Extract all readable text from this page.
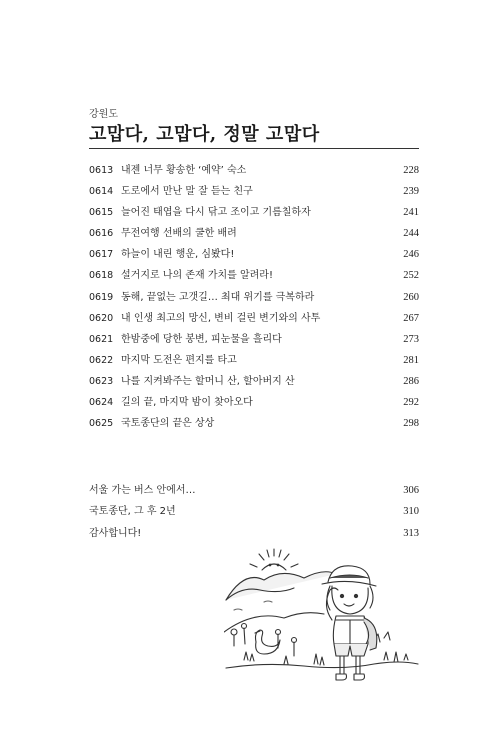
강원도
고맙다, 고맙다, 정말 고맙다
0613 내젠 너무 황송한 ‘예약’ 숙소	228
0614 도로에서 만난 말 잘 듣는 친구	239
0615 늘어진 태엽을 다시 닦고 조이고 기름칠하자	241
0616 무전여행 선배의 쿨한 배려	244
0617 하늘이 내린 행운, 심봤다!	246
0618 설거지로 나의 존재 가치를 알려라!	252
0619 동해, 끝없는 고갯길… 최대 위기를 극복하라	260
0620 내 인생 최고의 망신, 변비 걸린 변기와의 사투	267
0621 한밤중에 당한 봉변, 피눈물을 흘리다	273
0622 마지막 도전은 편지를 타고	281
0623 나를 지켜봐주는 할머니 산, 할아버지 산	286
0624 길의 끝, 마지막 밤이 찾아오다	292
0625 국토종단의 끝은 상상	298
서울 가는 버스 안에서…	306
국토종단, 그 후 2년	310
감사합니다!	313
